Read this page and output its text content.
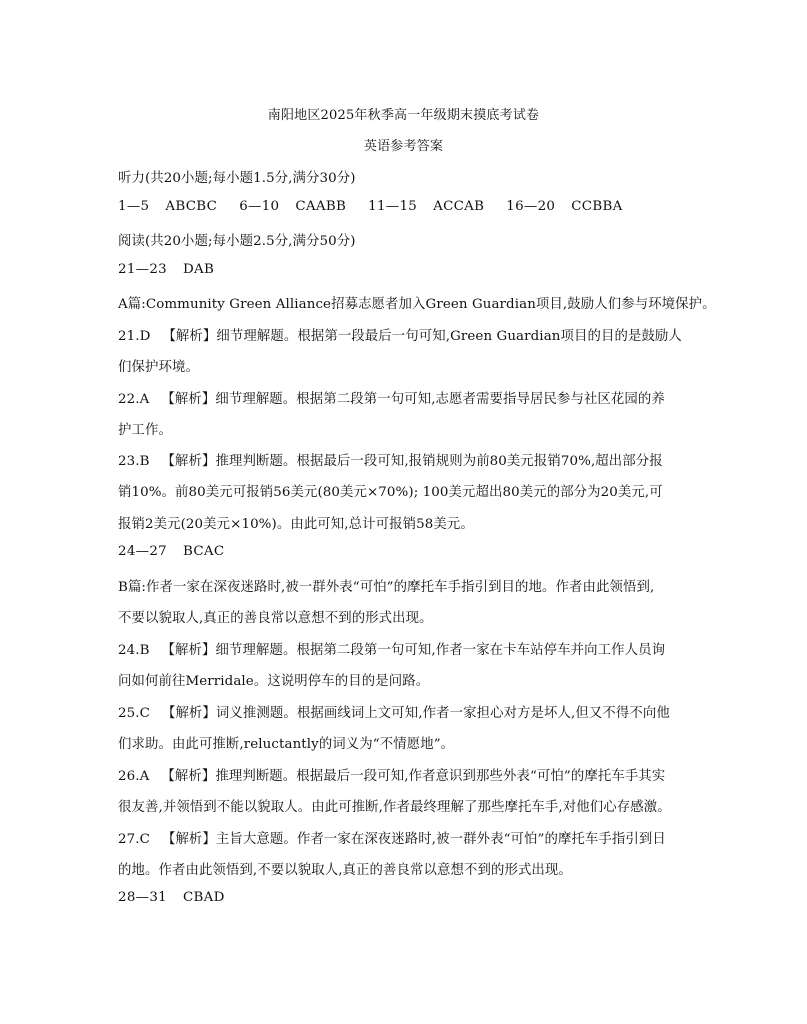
南阳地区2025年秋季高一年级期末摸底考试卷
英语参考答案
听力(共20小题;每小题1.5分,满分30分)
1—5 ABCBC 6—10 CAABB 11—15 ACCAB 16—20 CCBBA
阅读(共20小题;每小题2.5分,满分50分)
21—23 DAB
A篇:Community Green Alliance招募志愿者加入Green Guardian项目,鼓励人们参与环境保护。
21.D 【解析】细节理解题。根据第一段最后一句可知,Green Guardian项目的目的是鼓励人
们保护环境。
22.A 【解析】细节理解题。根据第二段第一句可知,志愿者需要指导居民参与社区花园的养
护工作。
23.B 【解析】推理判断题。根据最后一段可知,报销规则为前80美元报销70%,超出部分报
销10%。前80美元可报销56美元(80美元×70%); 100美元超出80美元的部分为20美元,可
报销2美元(20美元×10%)。由此可知,总计可报销58美元。
24—27 BCAC
B篇:作者一家在深夜迷路时,被一群外表“可怕”的摩托车手指引到目的地。作者由此领悟到,
不要以貌取人,真正的善良常以意想不到的形式出现。
24.B 【解析】细节理解题。根据第二段第一句可知,作者一家在卡车站停车并向工作人员询
问如何前往Merridale。这说明停车的目的是问路。
25.C 【解析】词义推测题。根据画线词上文可知,作者一家担心对方是坏人,但又不得不向他
们求助。由此可推断,reluctantly的词义为“不情愿地”。
26.A 【解析】推理判断题。根据最后一段可知,作者意识到那些外表“可怕”的摩托车手其实
很友善,并领悟到不能以貌取人。由此可推断,作者最终理解了那些摩托车手,对他们心存感激。
27.C 【解析】主旨大意题。作者一家在深夜迷路时,被一群外表“可怕”的摩托车手指引到日
的地。作者由此领悟到,不要以貌取人,真正的善良常以意想不到的形式出现。
28—31 CBAD
